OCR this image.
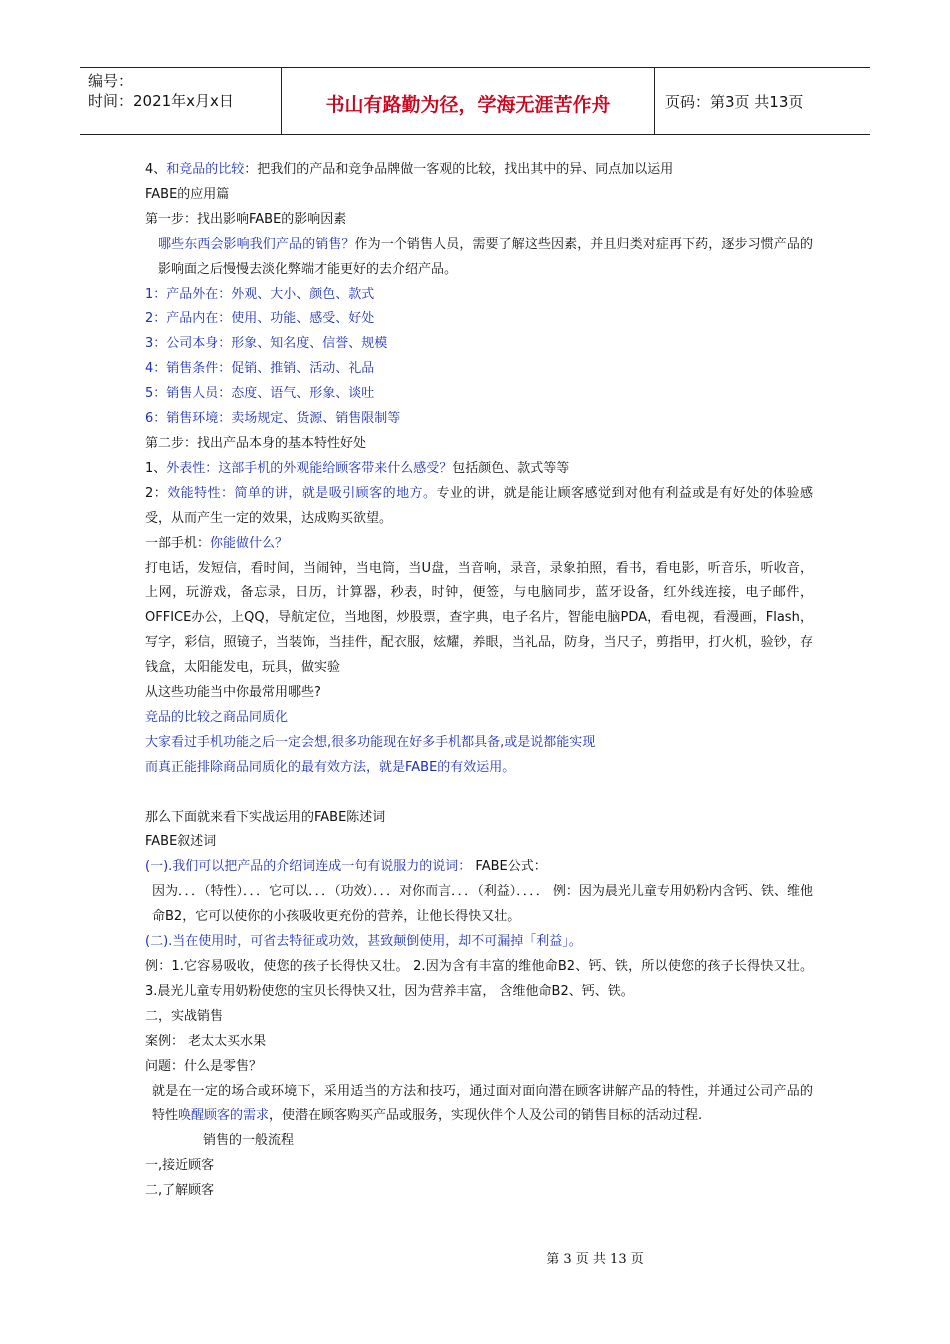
编号：
时间：2021年x月x日	书山有路勤为径，学海无涯苦作舟	页码：第3页 共13页
4、和竞品的比较：把我们的产品和竞争品牌做一客观的比较，找出其中的异、同点加以运用
FABE的应用篇
第一步：找出影响FABE的影响因素
哪些东西会影响我们产品的销售？作为一个销售人员，需要了解这些因素，并且归类对症再下药，逐步习惯产品的影响面之后慢慢去淡化弊端才能更好的去介绍产品。
1：产品外在：外观、大小、颜色、款式
2：产品内在：使用、功能、感受、好处
3：公司本身：形象、知名度、信誉、规模
4：销售条件：促销、推销、活动、礼品
5：销售人员：态度、语气、形象、谈吐
6：销售环境：卖场规定、货源、销售限制等
第二步：找出产品本身的基本特性好处
1、外表性：这部手机的外观能给顾客带来什么感受？包括颜色、款式等等
2：效能特性：简单的讲，就是吸引顾客的地方。专业的讲，就是能让顾客感觉到对他有利益或是有好处的体验感受，从而产生一定的效果，达成购买欲望。
一部手机：你能做什么？
打电话，发短信，看时间，当闹钟，当电筒，当U盘，当音响，录音，录象拍照，看书，看电影，听音乐，听收音，上网，玩游戏，备忘录，日历，计算器，秒表，时钟，便签，与电脑同步，蓝牙设备，红外线连接，电子邮件，OFFICE办公，上QQ，导航定位，当地图，炒股票，查字典，电子名片，智能电脑PDA，看电视，看漫画，Flash，写字，彩信，照镜子，当装饰，当挂件，配衣服，炫耀，养眼，当礼品，防身，当尺子，剪指甲，打火机，验钞，存钱盒，太阳能发电，玩具，做实验
从这些功能当中你最常用哪些?
竞品的比较之商品同质化
大家看过手机功能之后一定会想,很多功能现在好多手机都具备,或是说都能实现
而真正能排除商品同质化的最有效方法，就是FABE的有效运用。
那么下面就来看下实战运用的FABE陈述词
FABE叙述词
(一).我们可以把产品的介绍词连成一句有说服力的说词： FABE公式：
因为．．．（特性）．．．它可以．．．（功效）．．．对你而言．．．（利益）．．．． 例：因为晨光儿童专用奶粉内含钙、铁、维他命B2，它可以使你的小孩吸收更充份的营养，让他长得快又壮。
(二).当在使用时，可省去特征或功效，甚致颠倒使用，却不可漏掉「利益」。
例：1.它容易吸收，使您的孩子长得快又壮。 2.因为含有丰富的维他命B2、钙、铁，所以使您的孩子长得快又壮。 3.晨光儿童专用奶粉使您的宝贝长得快又壮，因为营养丰富， 含维他命B2、钙、铁。
二，实战销售
案例： 老太太买水果
问题：什么是零售？
就是在一定的场合或环境下，采用适当的方法和技巧，通过面对面向潜在顾客讲解产品的特性，并通过公司产品的特性唤醒顾客的需求，使潜在顾客购买产品或服务，实现伙伴个人及公司的销售目标的活动过程.
销售的一般流程
一,接近顾客
二,了解顾客
第 3 页 共 13 页
